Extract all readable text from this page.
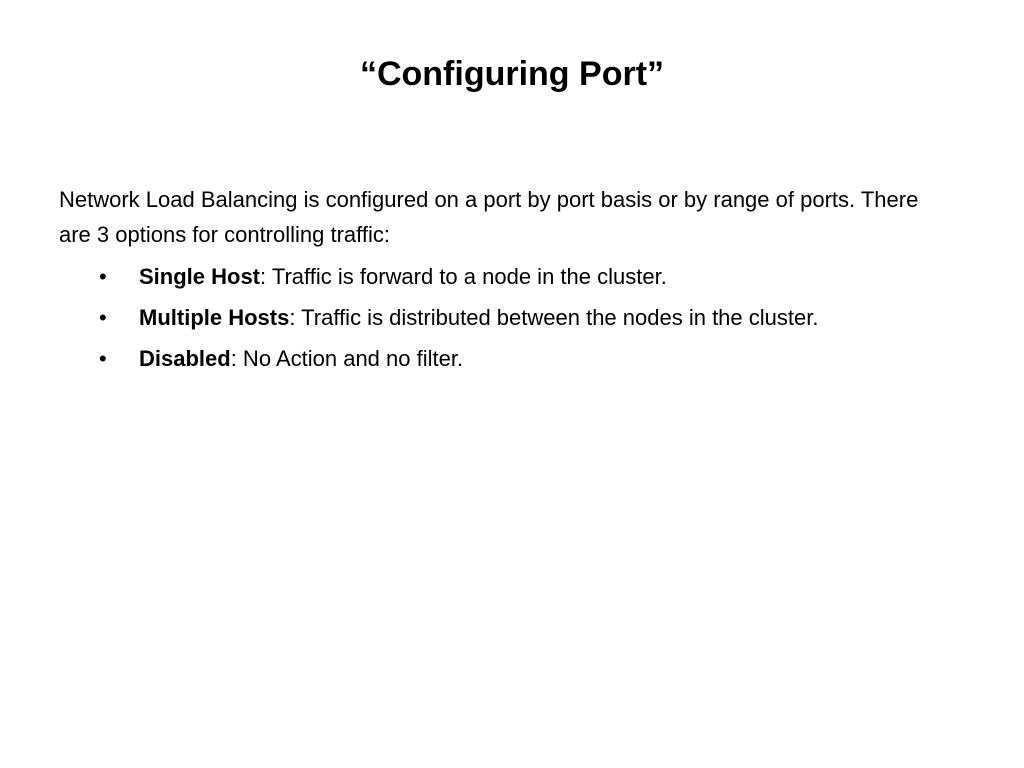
“Configuring Port”

Network Load Balancing is configured on a port by port basis or by range of ports. There are 3 options for controlling traffic:

• Single Host: Traffic is forward to a node in the cluster.
• Multiple Hosts: Traffic is distributed between the nodes in the cluster.
• Disabled: No Action and no filter.
